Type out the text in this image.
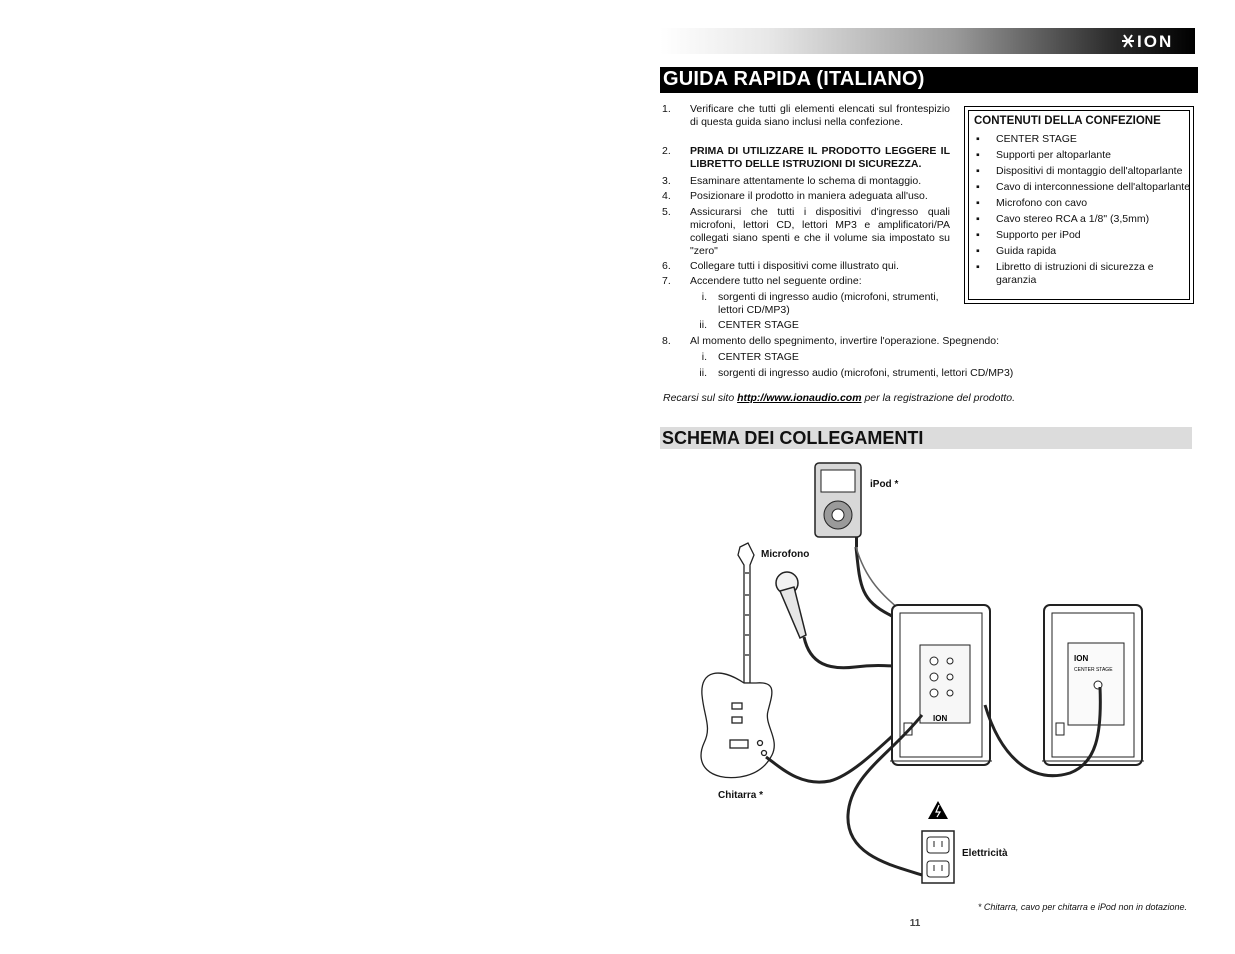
ION
GUIDA RAPIDA (ITALIANO)
1. Verificare che tutti gli elementi elencati sul frontespizio di questa guida siano inclusi nella confezione.
2. PRIMA DI UTILIZZARE IL PRODOTTO LEGGERE IL LIBRETTO DELLE ISTRUZIONI DI SICUREZZA.
3. Esaminare attentamente lo schema di montaggio.
4. Posizionare il prodotto in maniera adeguata all'uso.
5. Assicurarsi che tutti i dispositivi d'ingresso quali microfoni, lettori CD, lettori MP3 e amplificatori/PA collegati siano spenti e che il volume sia impostato su "zero"
6. Collegare tutti i dispositivi come illustrato qui.
7. Accendere tutto nel seguente ordine:
i. sorgenti di ingresso audio (microfoni, strumenti, lettori CD/MP3)
ii. CENTER STAGE
8. Al momento dello spegnimento, invertire l'operazione. Spegnendo:
i. CENTER STAGE
ii. sorgenti di ingresso audio (microfoni, strumenti, lettori CD/MP3)
CONTENUTI DELLA CONFEZIONE
▪ CENTER STAGE
▪ Supporti per altoparlante
▪ Dispositivi di montaggio dell'altoparlante
▪ Cavo di interconnessione dell'altoparlante
▪ Microfono con cavo
▪ Cavo stereo RCA a 1/8" (3,5mm)
▪ Supporto per iPod
▪ Guida rapida
▪ Libretto di istruzioni di sicurezza e garanzia
Recarsi sul sito http://www.ionaudio.com per la registrazione del prodotto.
SCHEMA DEI COLLEGAMENTI
ION
ION
CENTER STAGE
iPod *
Microfono
Chitarra *
Elettricità
* Chitarra, cavo per chitarra e iPod non in dotazione.
11
